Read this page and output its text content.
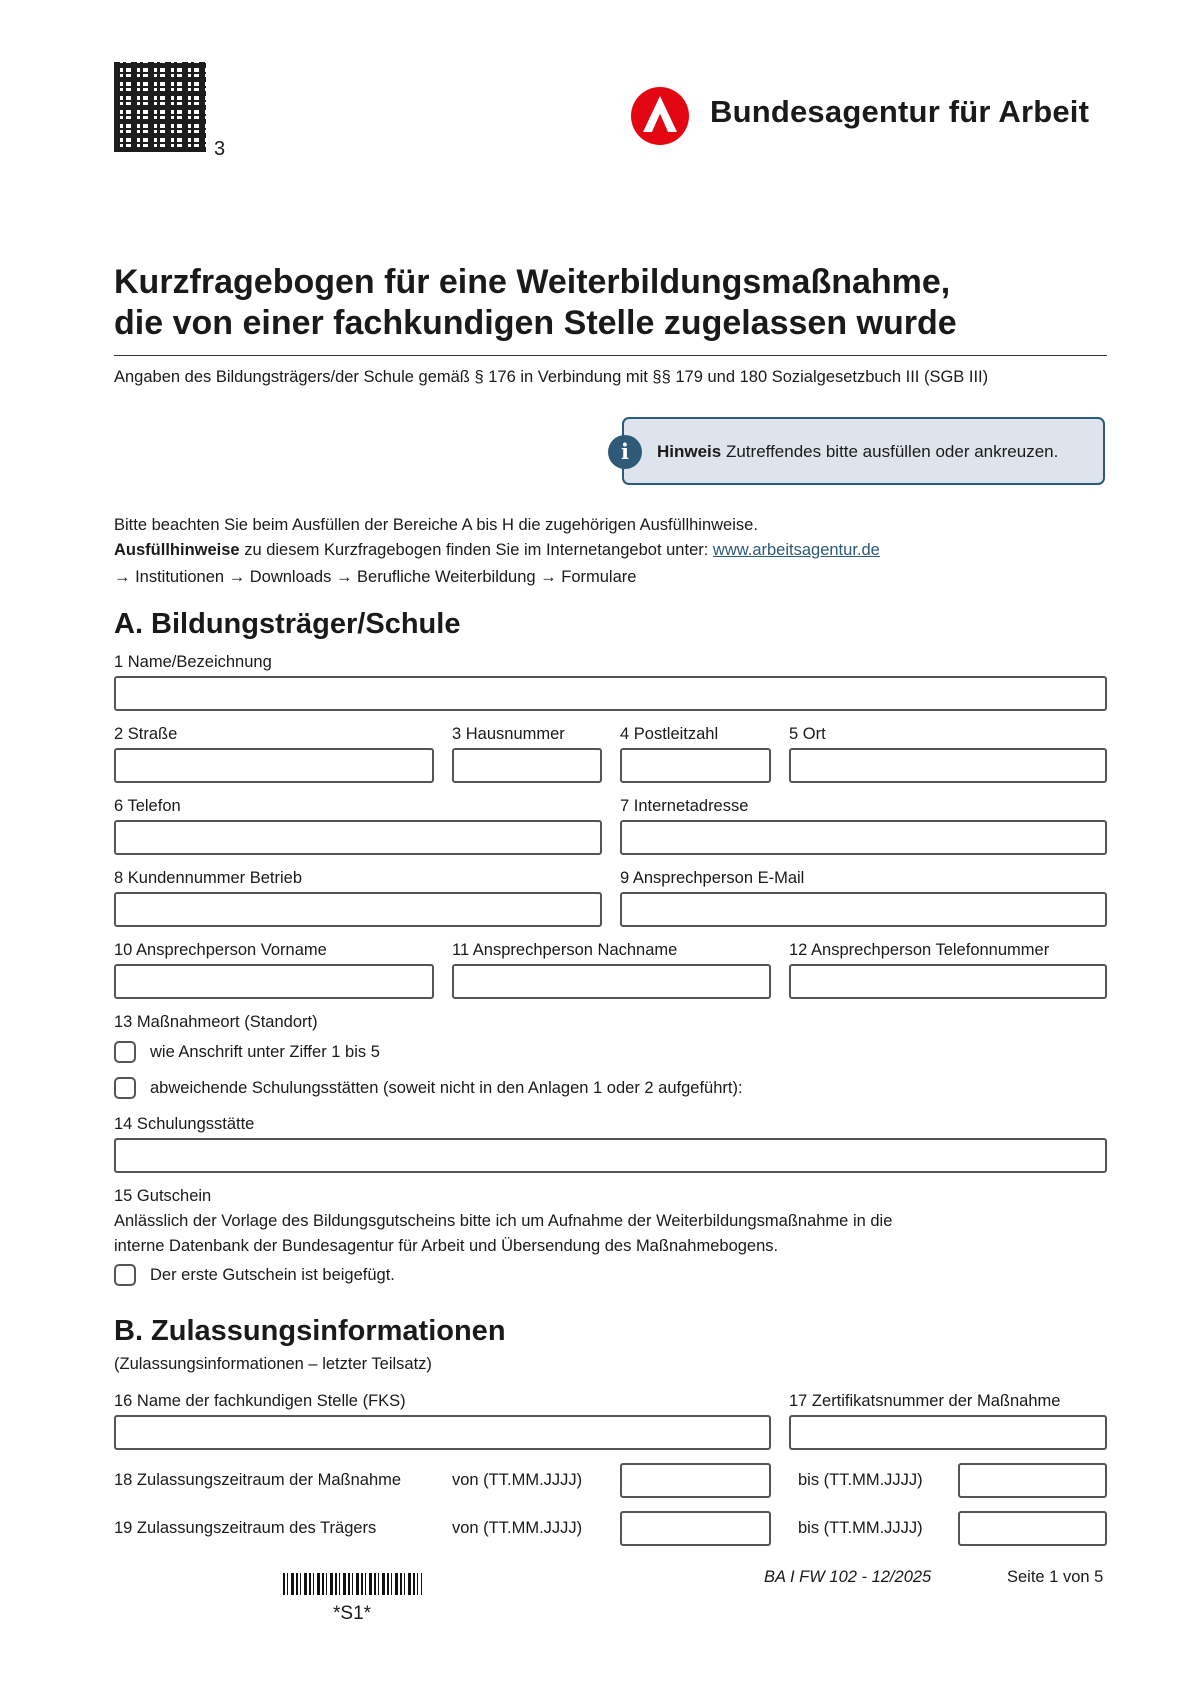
3
Bundesagentur für Arbeit
Kurzfragebogen für eine Weiterbildungsmaßnahme,
die von einer fachkundigen Stelle zugelassen wurde
Angaben des Bildungsträgers/der Schule gemäß § 176 in Verbindung mit §§ 179 und 180 Sozialgesetzbuch III (SGB III)
i	Hinweis Zutreffendes bitte ausfüllen oder ankreuzen.
Bitte beachten Sie beim Ausfüllen der Bereiche A bis H die zugehörigen Ausfüllhinweise.
Ausfüllhinweise zu diesem Kurzfragebogen finden Sie im Internetangebot unter: www.arbeitsagentur.de
→ Institutionen → Downloads → Berufliche Weiterbildung → Formulare
A. Bildungsträger/Schule
1 Name/Bezeichnung
2 Straße	3 Hausnummer	4 Postleitzahl	5 Ort
6 Telefon	7 Internetadresse
8 Kundennummer Betrieb	9 Ansprechperson E-Mail
10 Ansprechperson Vorname	11 Ansprechperson Nachname	12 Ansprechperson Telefonnummer
13 Maßnahmeort (Standort)
wie Anschrift unter Ziffer 1 bis 5
abweichende Schulungsstätten (soweit nicht in den Anlagen 1 oder 2 aufgeführt):
14 Schulungsstätte
15 Gutschein
Anlässlich der Vorlage des Bildungsgutscheins bitte ich um Aufnahme der Weiterbildungsmaßnahme in die
interne Datenbank der Bundesagentur für Arbeit und Übersendung des Maßnahmebogens.
Der erste Gutschein ist beigefügt.
B. Zulassungsinformationen
(Zulassungsinformationen – letzter Teilsatz)
16 Name der fachkundigen Stelle (FKS)	17 Zertifikatsnummer der Maßnahme
18 Zulassungszeitraum der Maßnahme	von (TT.MM.JJJJ)	bis (TT.MM.JJJJ)
19 Zulassungszeitraum des Trägers	von (TT.MM.JJJJ)	bis (TT.MM.JJJJ)
*S1*
BA I FW 102 - 12/2025	Seite 1 von 5
